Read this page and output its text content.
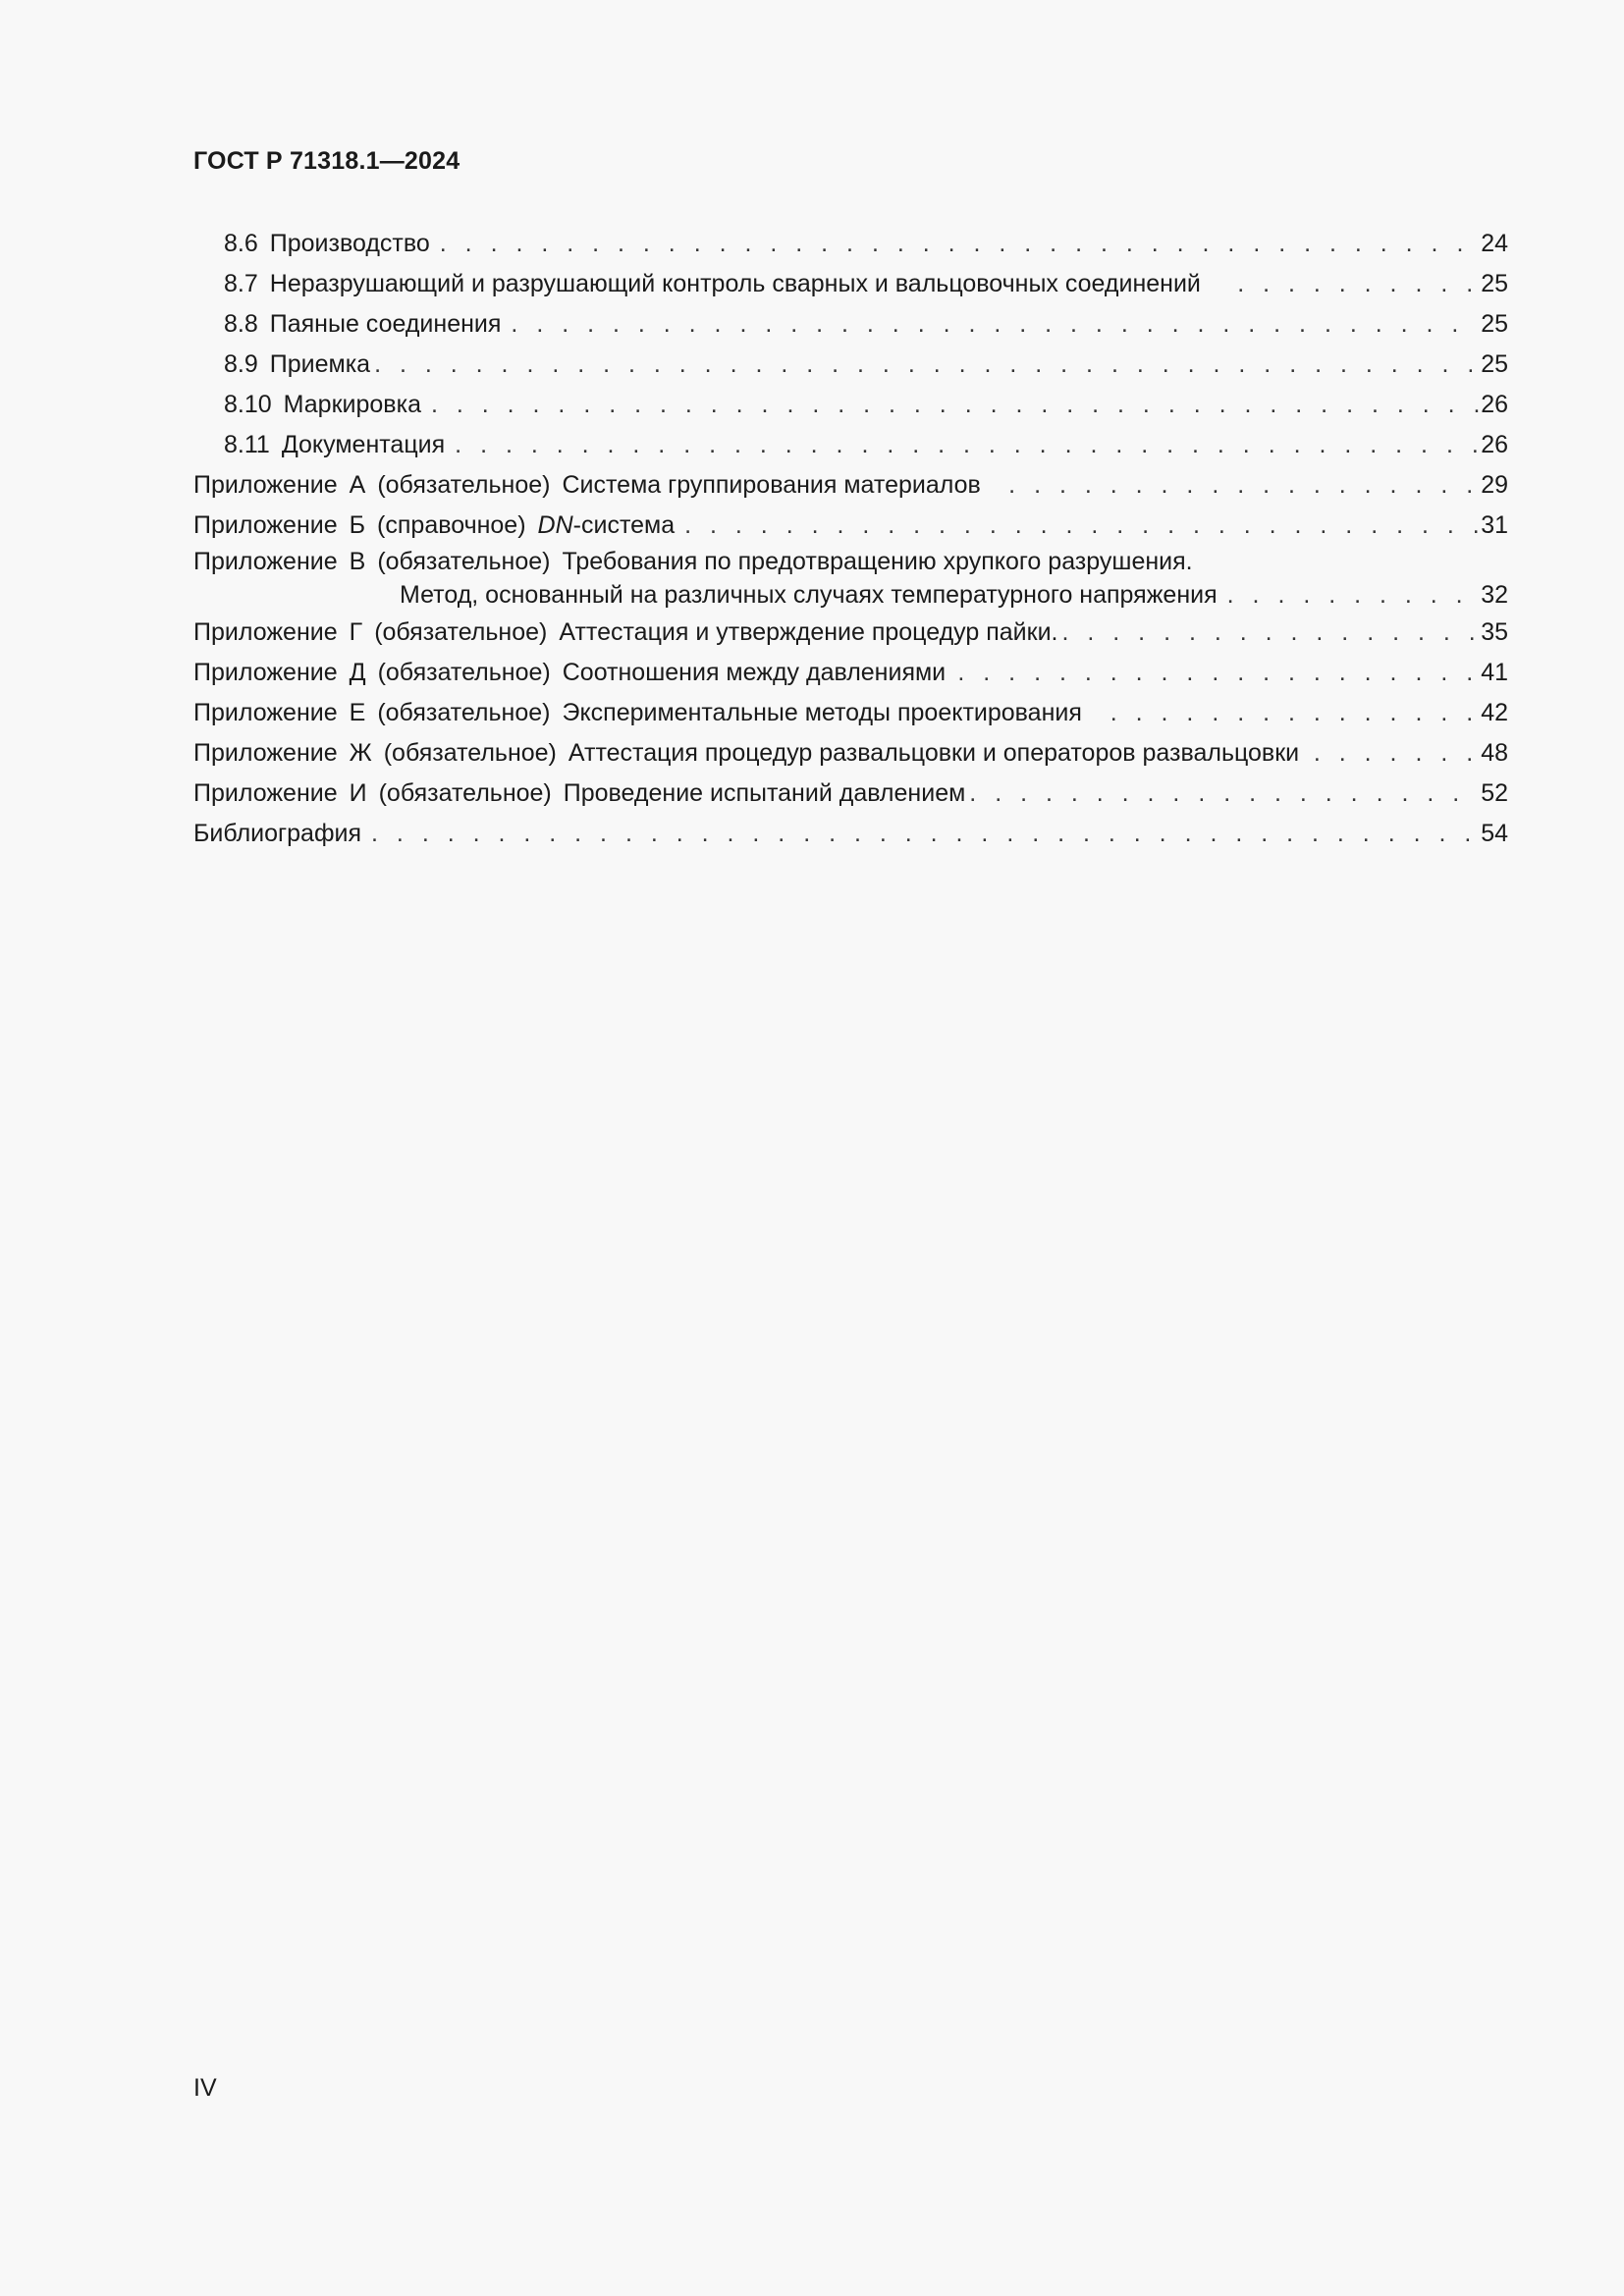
ГОСТ Р 71318.1—2024
8.6 Производство . . .	24
8.7 Неразрушающий и разрушающий контроль сварных и вальцовочных соединений . . .	25
8.8 Паяные соединения . . .	25
8.9 Приемка . . .	25
8.10 Маркировка . . .	26
8.11 Документация . . .	26
Приложение А (обязательное) Система группирования материалов . . .	29
Приложение Б (справочное) DN-система . . .	31
Приложение В (обязательное) Требования по предотвращению хрупкого разрушения.
Метод, основанный на различных случаях температурного напряжения . . .	32
Приложение Г (обязательное) Аттестация и утверждение процедур пайки. . . .	35
Приложение Д (обязательное) Соотношения между давлениями . . .	41
Приложение Е (обязательное) Экспериментальные методы проектирования . . .	42
Приложение Ж (обязательное) Аттестация процедур развальцовки и операторов развальцовки . . .	48
Приложение И (обязательное) Проведение испытаний давлением . . .	52
Библиография . . .	54
IV
